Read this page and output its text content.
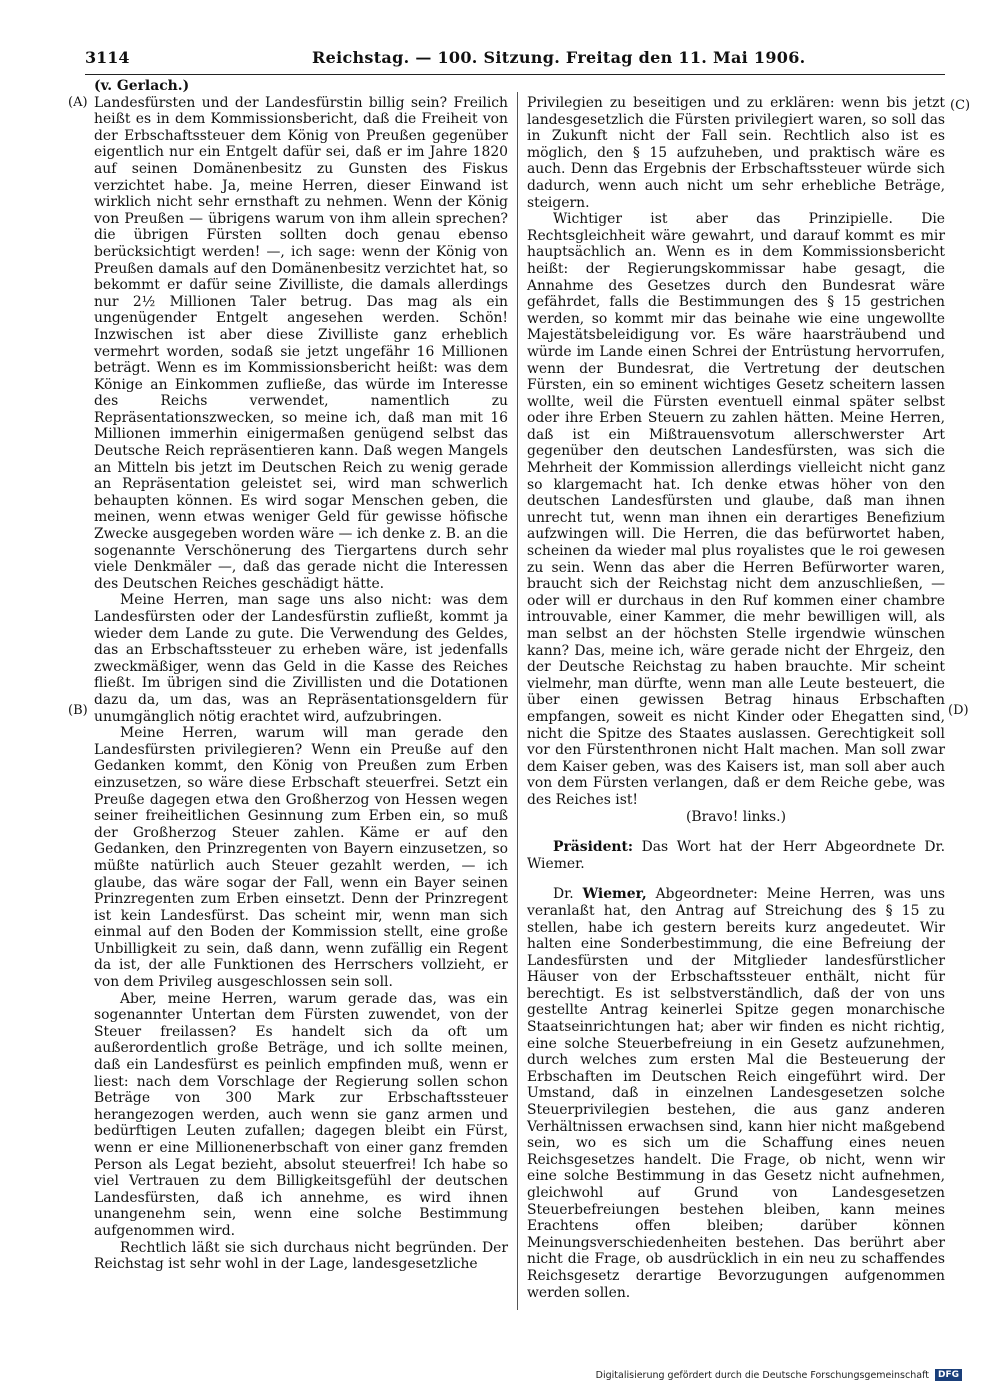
3114	Reichstag. — 100. Sitzung. Freitag den 11. Mai 1906.
(A)
(B)
(C)
(D)

(v. Gerlach.)

Landesfürsten und der Landesfürstin billig sein? Freilich heißt es in dem Kommissionsbericht, daß die Freiheit von der Erbschaftssteuer dem König von Preußen gegenüber eigentlich nur ein Entgelt dafür sei, daß er im Jahre 1820 auf seinen Domänenbesitz zu Gunsten des Fiskus verzichtet habe. Ja, meine Herren, dieser Einwand ist wirklich nicht sehr ernsthaft zu nehmen. Wenn der König von Preußen — übrigens warum von ihm allein sprechen? die übrigen Fürsten sollten doch genau ebenso berücksichtigt werden! —, ich sage: wenn der König von Preußen damals auf den Domänenbesitz verzichtet hat, so bekommt er dafür seine Zivilliste, die damals allerdings nur 2½ Millionen Taler betrug. Das mag als ein ungenügender Entgelt angesehen werden. Schön! Inzwischen ist aber diese Zivilliste ganz erheblich vermehrt worden, sodaß sie jetzt ungefähr 16 Millionen beträgt. Wenn es im Kommissionsbericht heißt: was dem Könige an Einkommen zufließe, das würde im Interesse des Reichs verwendet, namentlich zu Repräsentationszwecken, so meine ich, daß man mit 16 Millionen immerhin einigermaßen genügend selbst das Deutsche Reich repräsentieren kann. Daß wegen Mangels an Mitteln bis jetzt im Deutschen Reich zu wenig gerade an Repräsentation geleistet sei, wird man schwerlich behaupten können. Es wird sogar Menschen geben, die meinen, wenn etwas weniger Geld für gewisse höfische Zwecke ausgegeben worden wäre — ich denke z. B. an die sogenannte Verschönerung des Tiergartens durch sehr viele Denkmäler —, daß das gerade nicht die Interessen des Deutschen Reiches geschädigt hätte.

Meine Herren, man sage uns also nicht: was dem Landesfürsten oder der Landesfürstin zufließt, kommt ja wieder dem Lande zu gute. Die Verwendung des Geldes, das an Erbschaftssteuer zu erheben wäre, ist jedenfalls zweckmäßiger, wenn das Geld in die Kasse des Reiches fließt. Im übrigen sind die Zivillisten und die Dotationen dazu da, um das, was an Repräsentationsgeldern für unumgänglich nötig erachtet wird, aufzubringen.

Meine Herren, warum will man gerade den Landesfürsten privilegieren? Wenn ein Preuße auf den Gedanken kommt, den König von Preußen zum Erben einzusetzen, so wäre diese Erbschaft steuerfrei. Setzt ein Preuße dagegen etwa den Großherzog von Hessen wegen seiner freiheitlichen Gesinnung zum Erben ein, so muß der Großherzog Steuer zahlen. Käme er auf den Gedanken, den Prinzregenten von Bayern einzusetzen, so müßte natürlich auch Steuer gezahlt werden, — ich glaube, das wäre sogar der Fall, wenn ein Bayer seinen Prinzregenten zum Erben einsetzt. Denn der Prinzregent ist kein Landesfürst. Das scheint mir, wenn man sich einmal auf den Boden der Kommission stellt, eine große Unbilligkeit zu sein, daß dann, wenn zufällig ein Regent da ist, der alle Funktionen des Herrschers vollzieht, er von dem Privileg ausgeschlossen sein soll.

Aber, meine Herren, warum gerade das, was ein sogenannter Untertan dem Fürsten zuwendet, von der Steuer freilassen? Es handelt sich da oft um außerordentlich große Beträge, und ich sollte meinen, daß ein Landesfürst es peinlich empfinden muß, wenn er liest: nach dem Vorschlage der Regierung sollen schon Beträge von 300 Mark zur Erbschaftssteuer herangezogen werden, auch wenn sie ganz armen und bedürftigen Leuten zufallen; dagegen bleibt ein Fürst, wenn er eine Millionenerbschaft von einer ganz fremden Person als Legat bezieht, absolut steuerfrei! Ich habe so viel Vertrauen zu dem Billigkeitsgefühl der deutschen Landesfürsten, daß ich annehme, es wird ihnen unangenehm sein, wenn eine solche Bestimmung aufgenommen wird.

Rechtlich läßt sie sich durchaus nicht begründen. Der Reichstag ist sehr wohl in der Lage, landesgesetzliche

Privilegien zu beseitigen und zu erklären: wenn bis jetzt landesgesetzlich die Fürsten privilegiert waren, so soll das in Zukunft nicht der Fall sein. Rechtlich also ist es möglich, den § 15 aufzuheben, und praktisch wäre es auch. Denn das Ergebnis der Erbschaftssteuer würde sich dadurch, wenn auch nicht um sehr erhebliche Beträge, steigern.

Wichtiger ist aber das Prinzipielle. Die Rechtsgleichheit wäre gewahrt, und darauf kommt es mir hauptsächlich an. Wenn es in dem Kommissionsbericht heißt: der Regierungskommissar habe gesagt, die Annahme des Gesetzes durch den Bundesrat wäre gefährdet, falls die Bestimmungen des § 15 gestrichen werden, so kommt mir das beinahe wie eine ungewollte Majestätsbeleidigung vor. Es wäre haarsträubend und würde im Lande einen Schrei der Entrüstung hervorrufen, wenn der Bundesrat, die Vertretung der deutschen Fürsten, ein so eminent wichtiges Gesetz scheitern lassen wollte, weil die Fürsten eventuell einmal später selbst oder ihre Erben Steuern zu zahlen hätten. Meine Herren, daß ist ein Mißtrauensvotum allerschwerster Art gegenüber den deutschen Landesfürsten, was sich die Mehrheit der Kommission allerdings vielleicht nicht ganz so klargemacht hat. Ich denke etwas höher von den deutschen Landesfürsten und glaube, daß man ihnen unrecht tut, wenn man ihnen ein derartiges Benefizium aufzwingen will. Die Herren, die das befürwortet haben, scheinen da wieder mal plus royalistes que le roi gewesen zu sein. Wenn das aber die Herren Befürworter waren, braucht sich der Reichstag nicht dem anzuschließen, — oder will er durchaus in den Ruf kommen einer chambre introuvable, einer Kammer, die mehr bewilligen will, als man selbst an der höchsten Stelle irgendwie wünschen kann? Das, meine ich, wäre gerade nicht der Ehrgeiz, den der Deutsche Reichstag zu haben brauchte. Mir scheint vielmehr, man dürfte, wenn man alle Leute besteuert, die über einen gewissen Betrag hinaus Erbschaften empfangen, soweit es nicht Kinder oder Ehegatten sind, nicht die Spitze des Staates auslassen. Gerechtigkeit soll vor den Fürstenthronen nicht Halt machen. Man soll zwar dem Kaiser geben, was des Kaisers ist, man soll aber auch von dem Fürsten verlangen, daß er dem Reiche gebe, was des Reiches ist!

(Bravo! links.)

Präsident: Das Wort hat der Herr Abgeordnete Dr. Wiemer.

Dr. Wiemer, Abgeordneter: Meine Herren, was uns veranlaßt hat, den Antrag auf Streichung des § 15 zu stellen, habe ich gestern bereits kurz angedeutet. Wir halten eine Sonderbestimmung, die eine Befreiung der Landesfürsten und der Mitglieder landesfürstlicher Häuser von der Erbschaftssteuer enthält, nicht für berechtigt. Es ist selbstverständlich, daß der von uns gestellte Antrag keinerlei Spitze gegen monarchische Staatseinrichtungen hat; aber wir finden es nicht richtig, eine solche Steuerbefreiung in ein Gesetz aufzunehmen, durch welches zum ersten Mal die Besteuerung der Erbschaften im Deutschen Reich eingeführt wird. Der Umstand, daß in einzelnen Landesgesetzen solche Steuerprivilegien bestehen, die aus ganz anderen Verhältnissen erwachsen sind, kann hier nicht maßgebend sein, wo es sich um die Schaffung eines neuen Reichsgesetzes handelt. Die Frage, ob nicht, wenn wir eine solche Bestimmung in das Gesetz nicht aufnehmen, gleichwohl auf Grund von Landesgesetzen Steuerbefreiungen bestehen bleiben, kann meines Erachtens offen bleiben; darüber können Meinungsverschiedenheiten bestehen. Das berührt aber nicht die Frage, ob ausdrücklich in ein neu zu schaffendes Reichsgesetz derartige Bevorzugungen aufgenommen werden sollen.

Digitalisierung gefördert durch die Deutsche Forschungsgemeinschaft	DFG
